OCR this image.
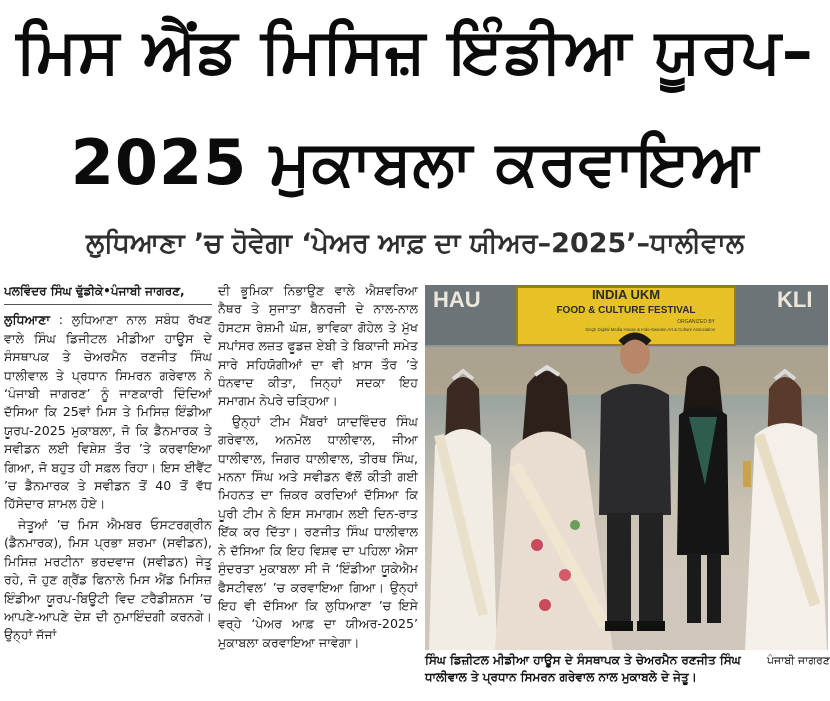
ਮਿਸ ਐਂਡ ਮਿਸਿਜ਼ ਇੰਡੀਆ ਯੂਰਪ–
2025 ਮੁਕਾਬਲਾ ਕਰਵਾਇਆ
ਲੁਧਿਆਣਾ ’ਚ ਹੋਵੇਗਾ ‘ਪੇਅਰ ਆਫ਼ ਦਾ ਯੀਅਰ–2025’–ਧਾਲੀਵਾਲ

ਪਲਵਿੰਦਰ ਸਿੰਘ ਢੁੱਡੀਕੇ•ਪੰਜਾਬੀ ਜਾਗਰਣ,

ਲੁਧਿਆਣਾ : ਲੁਧਿਆਣਾ ਨਾਲ ਸਬੰਧ ਰੱਖਣ ਵਾਲੇ ਸਿੰਘ ਡਿਜੀਟਲ ਮੀਡੀਆ ਹਾਊਸ ਦੇ ਸੰਸਥਾਪਕ ਤੇ ਚੇਅਰਮੈਨ ਰਣਜੀਤ ਸਿੰਘ ਧਾਲੀਵਾਲ ਤੇ ਪ੍ਰਧਾਨ ਸਿਮਰਨ ਗਰੇਵਾਲ ਨੇ ‘ਪੰਜਾਬੀ ਜਾਗਰਣ’ ਨੂੰ ਜਾਣਕਾਰੀ ਦਿੰਦਿਆਂ ਦੱਸਿਆ ਕਿ 25ਵਾਂ ਮਿਸ ਤੇ ਮਿਸਿਜ਼ ਇੰਡੀਆ ਯੂਰਪ-2025 ਮੁਕਾਬਲਾ, ਜੋ ਕਿ ਡੈਨਮਾਰਕ ਤੇ ਸਵੀਡਨ ਲਈ ਵਿਸ਼ੇਸ਼ ਤੌਰ ’ਤੇ ਕਰਵਾਇਆ ਗਿਆ, ਜੋ ਬਹੁਤ ਹੀ ਸਫ਼ਲ ਰਿਹਾ। ਇਸ ਈਵੈਂਟ ’ਚ ਡੈਨਮਾਰਕ ਤੇ ਸਵੀਡਨ ਤੋਂ 40 ਤੋਂ ਵੱਧ ਹਿੱਸੇਦਾਰ ਸ਼ਾਮਲ ਹੋਏ।

ਜੇਤੂਆਂ ’ਚ ਮਿਸ ਐਮਬਰ ਓਸਟਰਗ੍ਰੀਨ (ਡੈਨਮਾਰਕ), ਮਿਸ ਪ੍ਰਭਾ ਸ਼ਰਮਾ (ਸਵੀਡਨ), ਮਿਸਿਜ਼ ਮਰਟੀਨਾ ਭਰਦਵਾਜ (ਸਵੀਡਨ) ਜੇਤੂ ਰਹੇ, ਜੋ ਹੁਣ ਗ੍ਰੈਂਡ ਫਿਨਾਲੇ ਮਿਸ ਐਂਡ ਮਿਸਿਜ਼ ਇੰਡੀਆ ਯੂਰਪ-ਬਿਊਟੀ ਵਿਦ ਟਰੈਡੀਸ਼ਨਸ ’ਚ ਆਪਣੇ-ਆਪਣੇ ਦੇਸ਼ ਦੀ ਨੁਮਾਇੰਦਗੀ ਕਰਨਗੇ। ਉਨ੍ਹਾਂ ਜੱਜਾਂ

ਦੀ ਭੂਮਿਕਾ ਨਿਭਾਉਣ ਵਾਲੇ ਐਸ਼ਵਰਿਆ ਨੈਥਰ ਤੇ ਸੁਜਾਤਾ ਬੈਨਰਜੀ ਦੇ ਨਾਲ-ਨਾਲ ਹੋਸਟਸ ਰੇਸ਼ਮੀ ਘੋਸ਼, ਭਾਵਿਕਾ ਗੋਹੇਲ ਤੇ ਮੁੱਖ ਸਪਾਂਸਰ ਲਜ਼ਤ ਫੂਡਜ਼ ਏਬੀ ਤੇ ਬਿਕਾਜੀ ਸਮੇਤ ਸਾਰੇ ਸਹਿਯੋਗੀਆਂ ਦਾ ਵੀ ਖ਼ਾਸ ਤੌਰ ’ਤੇ ਧੰਨਵਾਦ ਕੀਤਾ, ਜਿਨ੍ਹਾਂ ਸਦਕਾ ਇਹ ਸਮਾਗਮ ਨੇਪਰੇ ਚੜ੍ਹਿਆ।

ਉਨ੍ਹਾਂ ਟੀਮ ਮੈਂਬਰਾਂ ਯਾਦਵਿੰਦਰ ਸਿੰਘ ਗਰੇਵਾਲ, ਅਨਮੋਲ ਧਾਲੀਵਾਲ, ਜੀਆ ਧਾਲੀਵਾਲ, ਜਿਗਰ ਧਾਲੀਵਾਲ, ਤੀਰਥ ਸਿੰਘ, ਮਨਨਾ ਸਿੰਘ ਅਤੇ ਸਵੀਡਨ ਵੱਲੋਂ ਕੀਤੀ ਗਈ ਮਿਹਨਤ ਦਾ ਜ਼ਿਕਰ ਕਰਦਿਆਂ ਦੱਸਿਆ ਕਿ ਪੂਰੀ ਟੀਮ ਨੇ ਇਸ ਸਮਾਗਮ ਲਈ ਦਿਨ-ਰਾਤ ਇੱਕ ਕਰ ਦਿੱਤਾ। ਰਣਜੀਤ ਸਿੰਘ ਧਾਲੀਵਾਲ ਨੇ ਦੱਸਿਆ ਕਿ ਇਹ ਵਿਸ਼ਵ ਦਾ ਪਹਿਲਾ ਐਸਾ ਸੁੰਦਰਤਾ ਮੁਕਾਬਲਾ ਸੀ ਜੋ ‘ਇੰਡੀਆ ਯੂਕੇਐਮ ਫੈਸਟੀਵਲ’ ’ਚ ਕਰਵਾਇਆ ਗਿਆ। ਉਨ੍ਹਾਂ ਇਹ ਵੀ ਦੱਸਿਆ ਕਿ ਲੁਧਿਆਣਾ ’ਚ ਇਸੇ ਵਰ੍ਹੇ ‘ਪੇਅਰ ਆਫ਼ ਦਾ ਯੀਅਰ-2025’ ਮੁਕਾਬਲਾ ਕਰਵਾਇਆ ਜਾਵੇਗਾ।

HAU	KLI
INDIA UKM
FOOD & CULTURE FESTIVAL
ORGANIZED BY
Singh Digital Media House & Indo-Sweden Art & Culture Association
ਪੰਜਾਬੀ ਜਾਗਰਣ
ਸਿੰਘ ਡਿਜ਼ੀਟਲ ਮੀਡੀਆ ਹਾਊਸ ਦੇ ਸੰਸਥਾਪਕ ਤੇ ਚੇਅਰਮੈਨ ਰਣਜੀਤ ਸਿੰਘ ਧਾਲੀਵਾਲ ਤੇ ਪ੍ਰਧਾਨ ਸਿਮਰਨ ਗਰੇਵਾਲ ਨਾਲ ਮੁਕਾਬਲੇ ਦੇ ਜੇਤੂ।
